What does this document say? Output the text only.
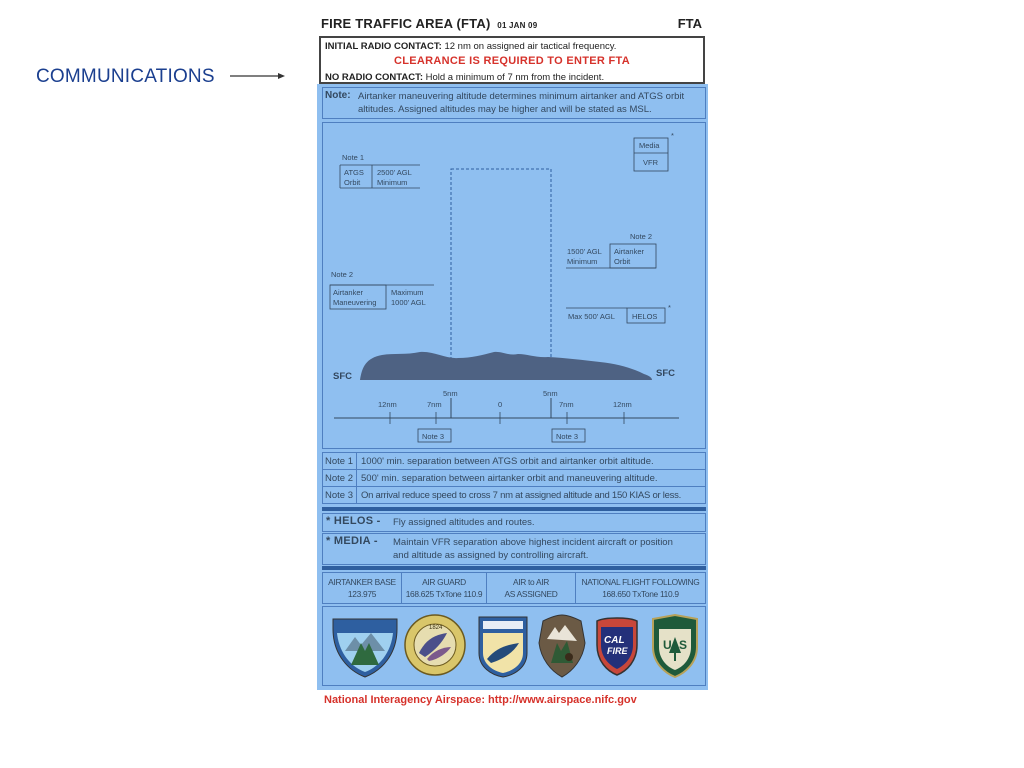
COMMUNICATIONS
FIRE TRAFFIC AREA (FTA) 01 JAN 09	FTA
INITIAL RADIO CONTACT: 12 nm on assigned air tactical frequency.
CLEARANCE IS REQUIRED TO ENTER FTA
NO RADIO CONTACT: Hold a minimum of 7 nm from the incident.
Note: Airtanker maneuvering altitude determines minimum airtanker and ATGS orbit altitudes. Assigned altitudes may be higher and will be stated as MSL.
Note 1
ATGS
Orbit
2500' AGL
Minimum
Media
VFR
*
Note 2
1500' AGL
Minimum
Airtanker
Orbit
Note 2
Airtanker
Maneuvering
Maximum
1000' AGL
Max 500' AGL HELOS
*
SFC	SFC
5nm	5nm
12nm	7nm	0	7nm	12nm
Note 3	Note 3
Note 1	1000' min. separation between ATGS orbit and airtanker orbit altitude.
Note 2	500' min. separation between airtanker orbit and maneuvering altitude.
Note 3	On arrival reduce speed to cross 7 nm at assigned altitude and 150 KIAS or less.
* HELOS - Fly assigned altitudes and routes.
* MEDIA - Maintain VFR separation above highest incident aircraft or position
and altitude as assigned by controlling aircraft.
AIRTANKER BASE
123.975

AIR GUARD
168.625 TxTone 110.9

AIR to AIR
AS ASSIGNED

NATIONAL FLIGHT FOLLOWING
168.650 TxTone 110.9
1824
CAL
FIRE	U S
National Interagency Airspace: http://www.airspace.nifc.gov
